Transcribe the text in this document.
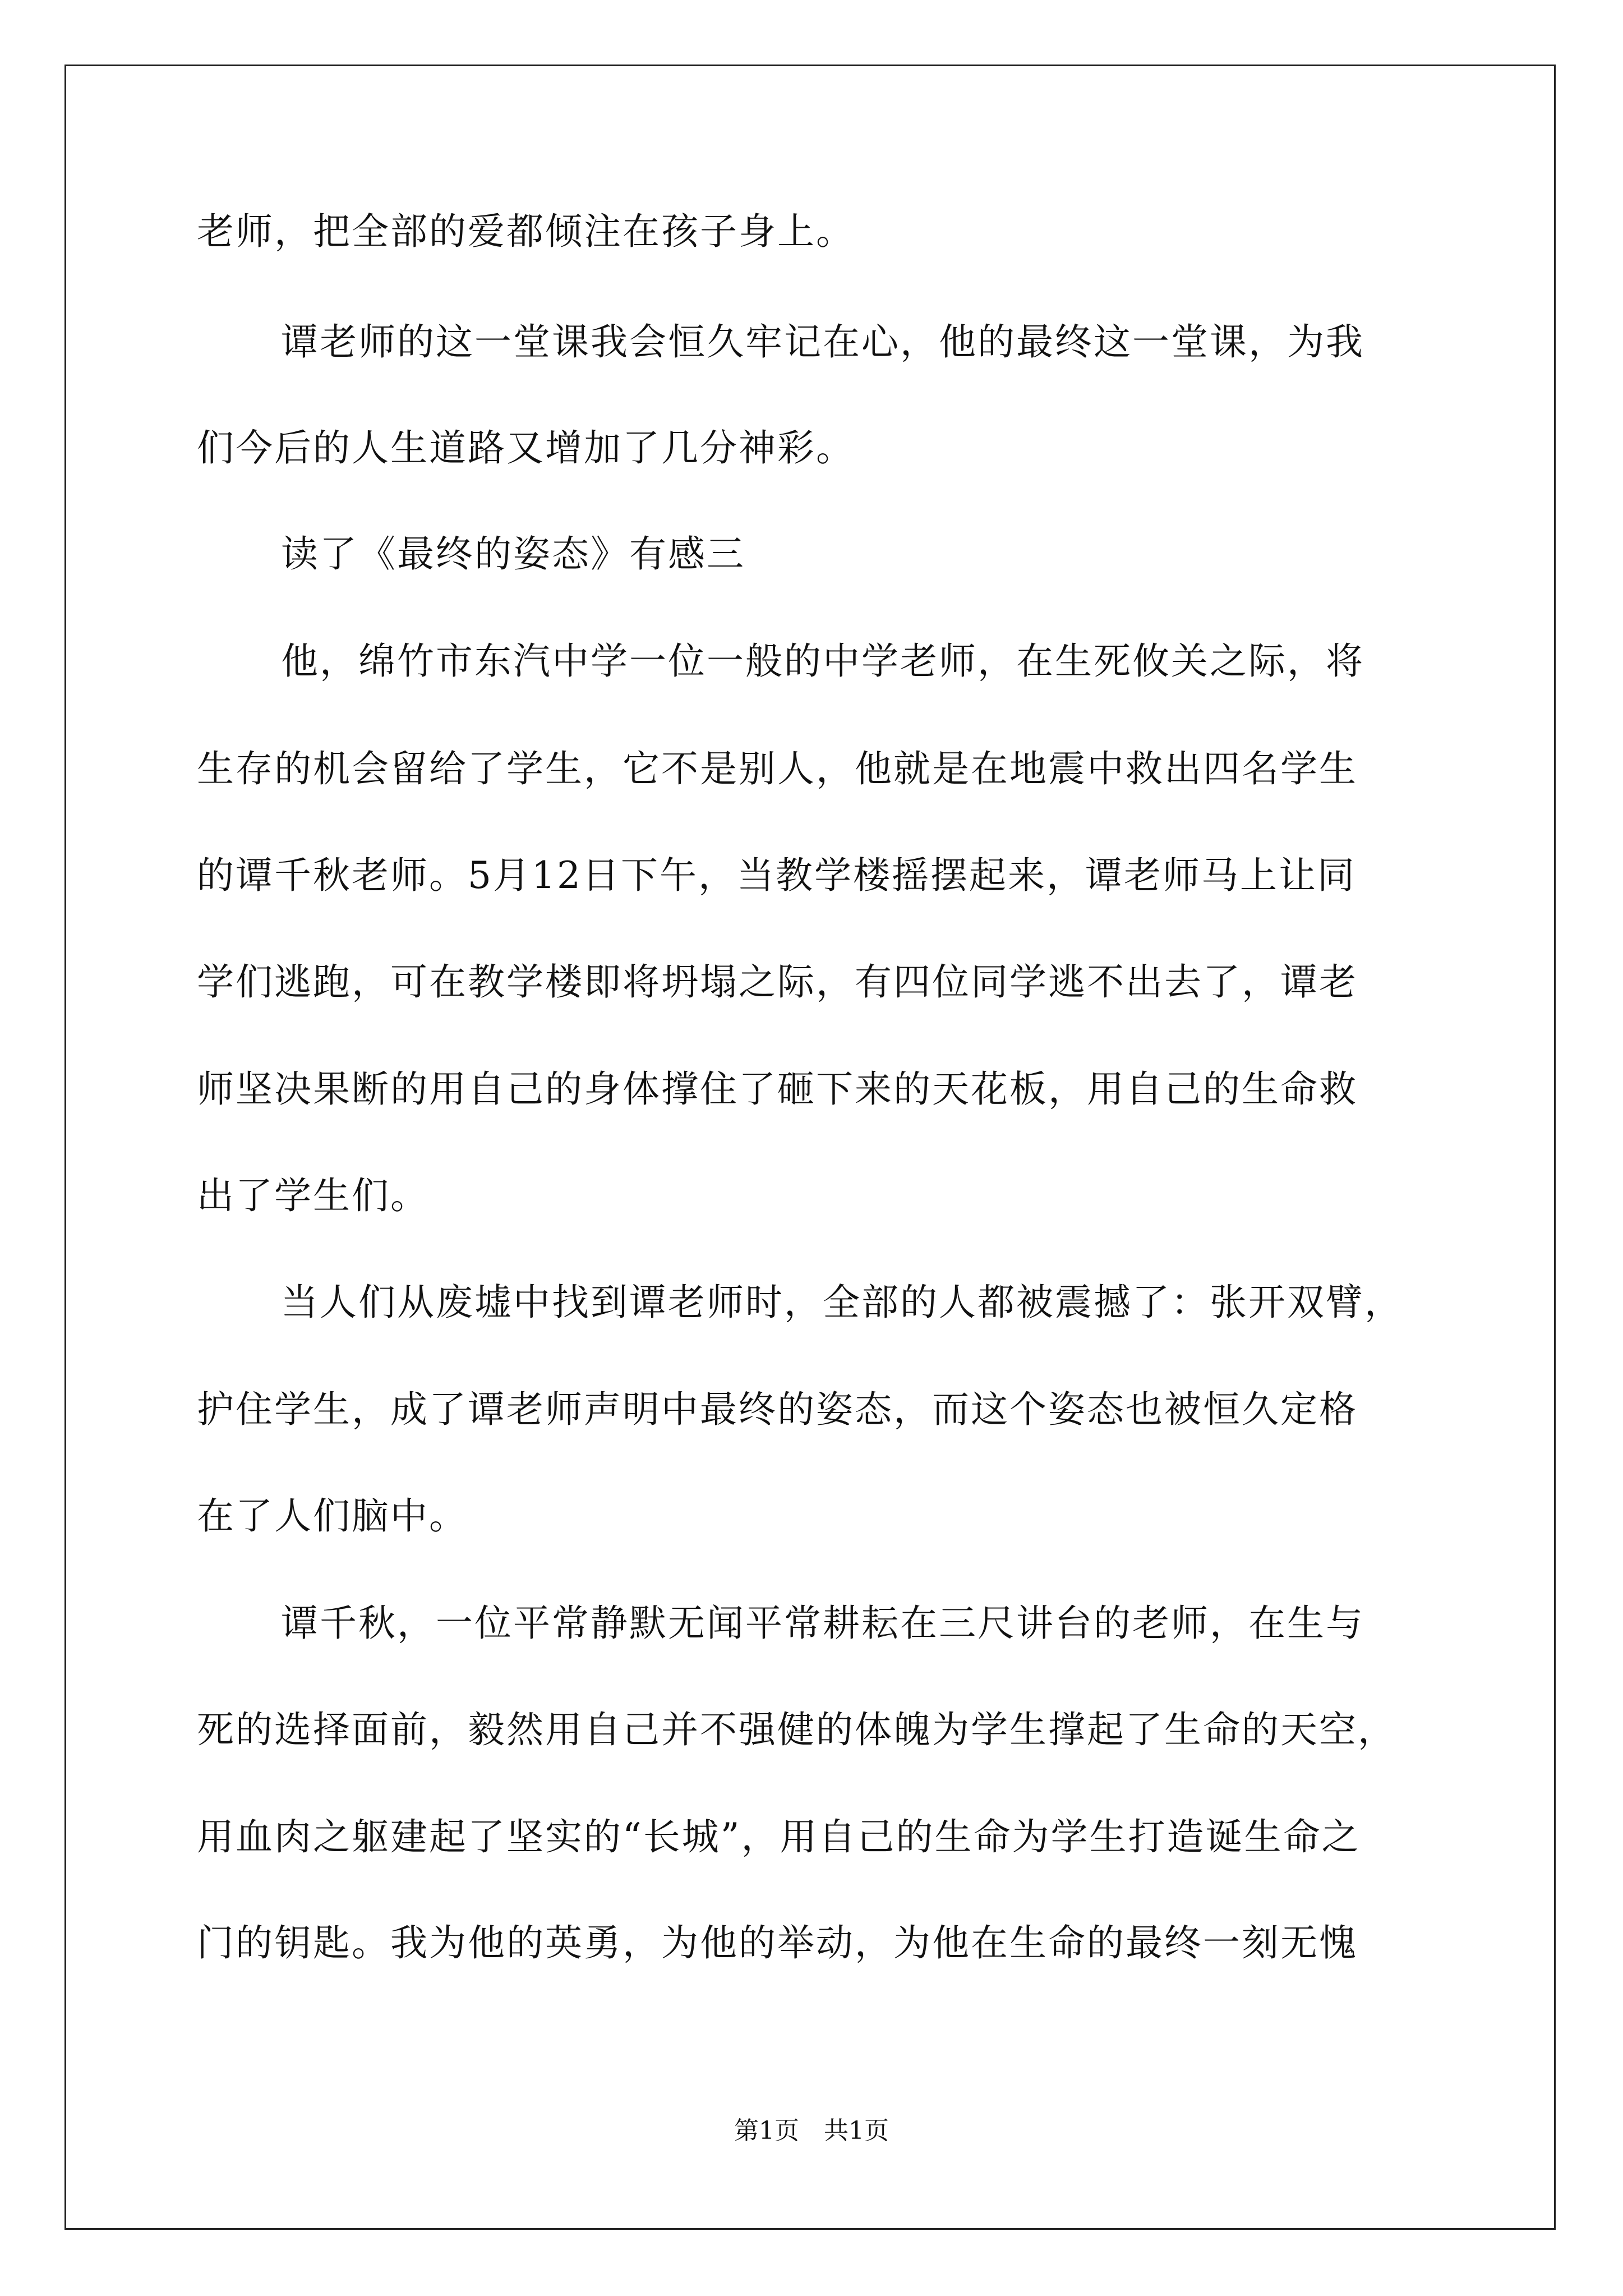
老师，把全部的爱都倾注在孩子身上。
谭老师的这一堂课我会恒久牢记在心，他的最终这一堂课，为我
们今后的人生道路又增加了几分神彩。
读了《最终的姿态》有感三
他，绵竹市东汽中学一位一般的中学老师，在生死攸关之际，将
生存的机会留给了学生，它不是别人，他就是在地震中救出四名学生
的谭千秋老师。5月12日下午，当教学楼摇摆起来，谭老师马上让同
学们逃跑，可在教学楼即将坍塌之际，有四位同学逃不出去了，谭老
师坚决果断的用自己的身体撑住了砸下来的天花板，用自己的生命救
出了学生们。
当人们从废墟中找到谭老师时，全部的人都被震撼了：张开双臂，
护住学生，成了谭老师声明中最终的姿态，而这个姿态也被恒久定格
在了人们脑中。
谭千秋，一位平常静默无闻平常耕耘在三尺讲台的老师，在生与
死的选择面前，毅然用自己并不强健的体魄为学生撑起了生命的天空，
用血肉之躯建起了坚实的“长城”，用自己的生命为学生打造诞生命之
门的钥匙。我为他的英勇，为他的举动，为他在生命的最终一刻无愧
第1页　共1页
